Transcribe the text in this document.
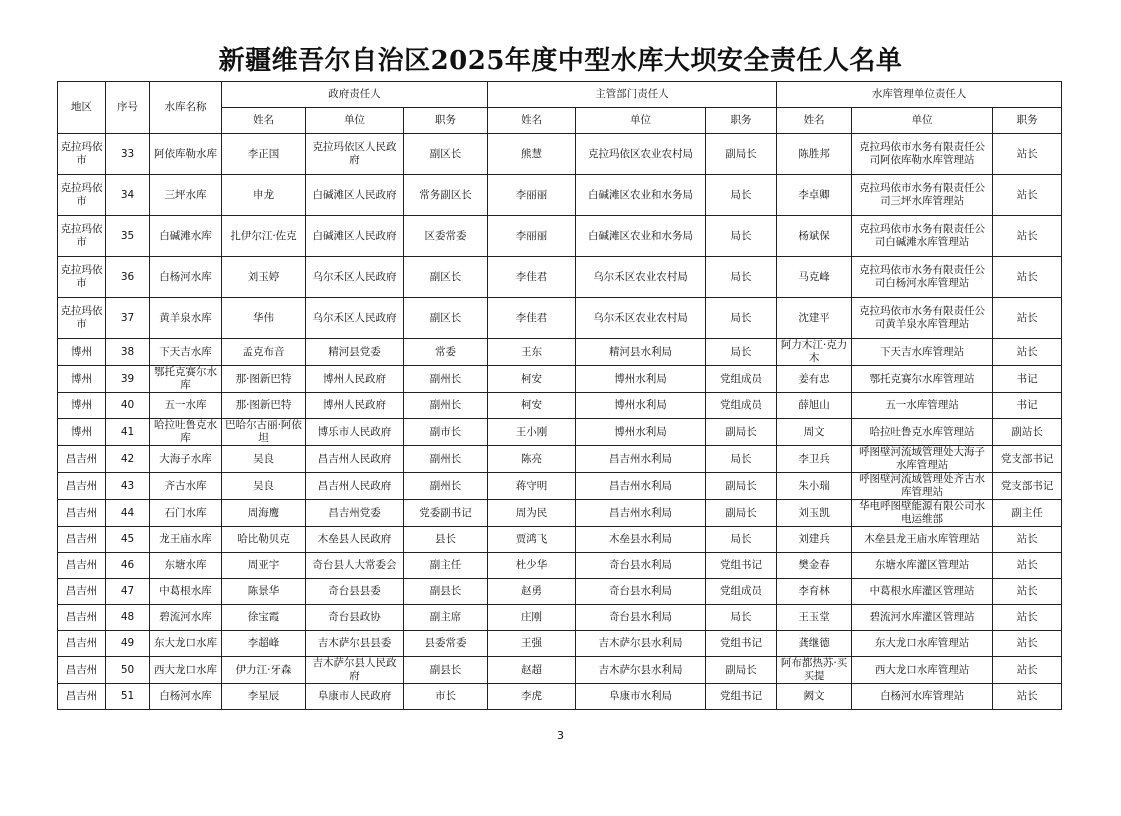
新疆维吾尔自治区2025年度中型水库大坝安全责任人名单
地区	序号	水库名称	政府责任人			主管部门责任人			水库管理单位责任人		
			姓名	单位	职务	姓名	单位	职务	姓名	单位	职务
克拉玛依市	33	阿依库勒水库	李正国	克拉玛依区人民政府	副区长	熊慧	克拉玛依区农业农村局	副局长	陈胜邦	克拉玛依市水务有限责任公司阿依库勒水库管理站	站长
克拉玛依市	34	三坪水库	申龙	白碱滩区人民政府	常务副区长	李丽丽	白碱滩区农业和水务局	局长	李卓卿	克拉玛依市水务有限责任公司三坪水库管理站	站长
克拉玛依市	35	白碱滩水库	扎伊尔江·佐克	白碱滩区人民政府	区委常委	李丽丽	白碱滩区农业和水务局	局长	杨斌保	克拉玛依市水务有限责任公司白碱滩水库管理站	站长
克拉玛依市	36	白杨河水库	刘玉婷	乌尔禾区人民政府	副区长	李佳君	乌尔禾区农业农村局	局长	马克峰	克拉玛依市水务有限责任公司白杨河水库管理站	站长
克拉玛依市	37	黄羊泉水库	华伟	乌尔禾区人民政府	副区长	李佳君	乌尔禾区农业农村局	局长	沈建平	克拉玛依市水务有限责任公司黄羊泉水库管理站	站长
博州	38	下天吉水库	孟克布音	精河县党委	常委	王东	精河县水利局	局长	阿力木江·克力木	下天吉水库管理站	站长
博州	39	鄂托克赛尔水库	那·图新巴特	博州人民政府	副州长	柯安	博州水利局	党组成员	姜有忠	鄂托克赛尔水库管理站	书记
博州	40	五一水库	那·图新巴特	博州人民政府	副州长	柯安	博州水利局	党组成员	薛旭山	五一水库管理站	书记
博州	41	哈拉吐鲁克水库	巴哈尔古丽·阿依坦	博乐市人民政府	副市长	王小刚	博州水利局	副局长	周文	哈拉吐鲁克水库管理站	副站长
昌吉州	42	大海子水库	吴良	昌吉州人民政府	副州长	陈亮	昌吉州水利局	局长	李卫兵	呼图壁河流域管理处大海子水库管理站	党支部书记
昌吉州	43	齐古水库	吴良	昌吉州人民政府	副州长	蒋守明	昌吉州水利局	副局长	朱小瑞	呼图壁河流域管理处齐古水库管理站	党支部书记
昌吉州	44	石门水库	周海鹰	昌吉州党委	党委副书记	周为民	昌吉州水利局	副局长	刘玉凯	华电呼图壁能源有限公司水电运维部	副主任
昌吉州	45	龙王庙水库	哈比勒贝克	木垒县人民政府	县长	贾鸿飞	木垒县水利局	局长	刘建兵	木垒县龙王庙水库管理站	站长
昌吉州	46	东塘水库	周亚宇	奇台县人大常委会	副主任	杜少华	奇台县水利局	党组书记	樊金春	东塘水库灌区管理站	站长
昌吉州	47	中葛根水库	陈景华	奇台县县委	副县长	赵勇	奇台县水利局	党组成员	李育林	中葛根水库灌区管理站	站长
昌吉州	48	碧流河水库	徐宝霞	奇台县政协	副主席	庄刚	奇台县水利局	局长	王玉堂	碧流河水库灌区管理站	站长
昌吉州	49	东大龙口水库	李超峰	吉木萨尔县县委	县委常委	王强	吉木萨尔县水利局	党组书记	龚继德	东大龙口水库管理站	站长
昌吉州	50	西大龙口水库	伊力江·牙森	吉木萨尔县人民政府	副县长	赵超	吉木萨尔县水利局	副局长	阿布都热苏·买买提	西大龙口水库管理站	站长
昌吉州	51	白杨河水库	李星辰	阜康市人民政府	市长	李虎	阜康市水利局	党组书记	阙文	白杨河水库管理站	站长
3
